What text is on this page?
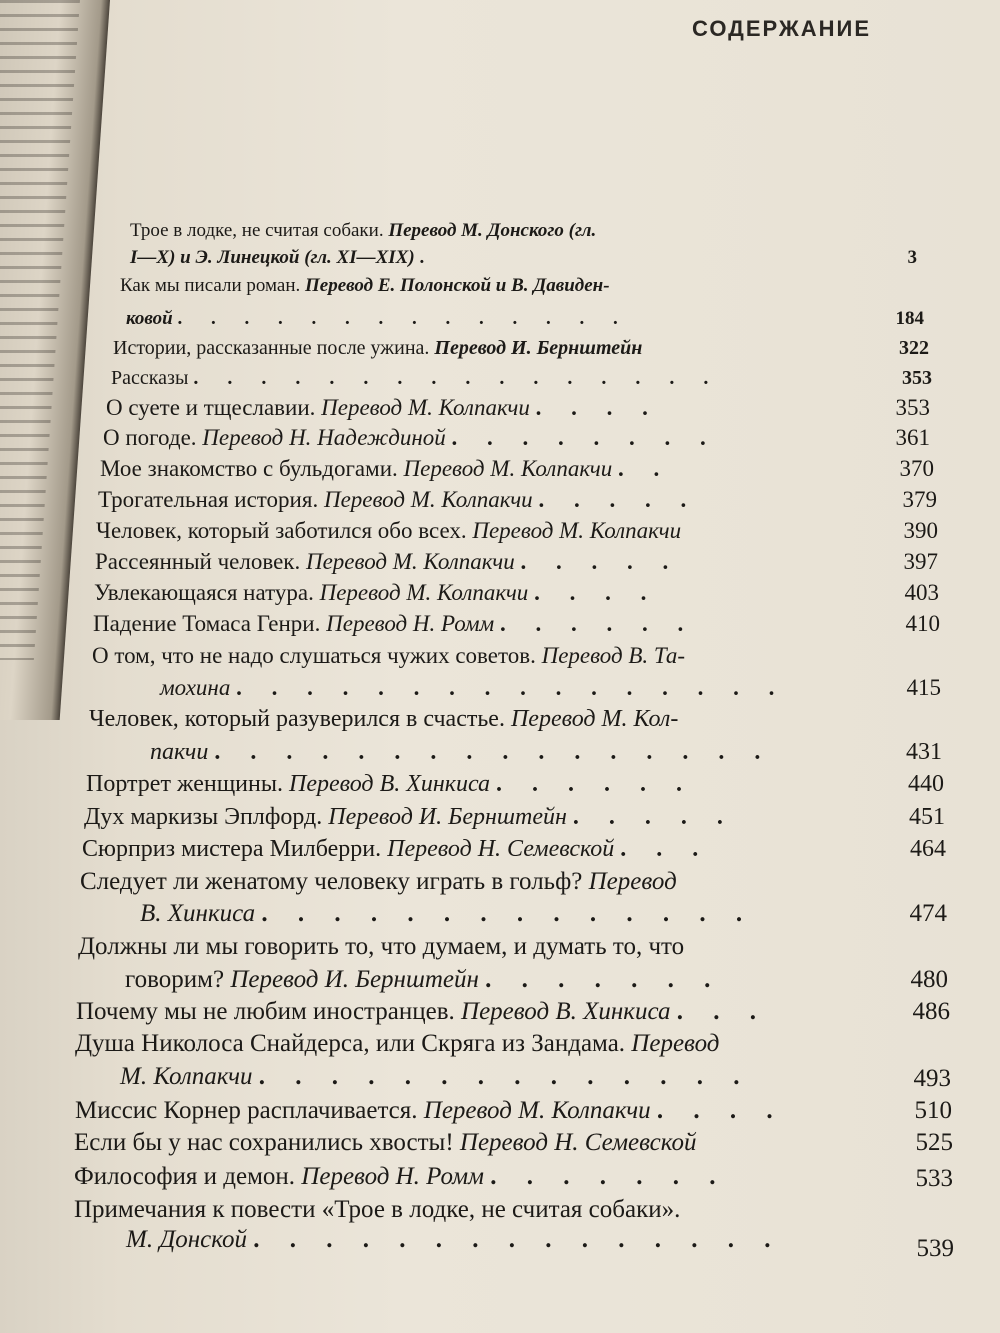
СОДЕРЖАНИЕ
Трое в лодке, не считая собаки. Перевод М. Донского (гл.
I—X) и Э. Линецкой (гл. XI—XIX) .	3
Как мы писали роман. Перевод Е. Полонской и В. Давиден-
ковой . . . . . . . . . . . . . .	184
Истории, рассказанные после ужина. Перевод И. Бернштейн	322
Рассказы . . . . . . . . . . . . . . . .	353
О суете и тщеславии. Перевод М. Колпакчи . . . .	353
О погоде. Перевод Н. Надеждиной . . . . . . . .	361
Мое знакомство с бульдогами. Перевод М. Колпакчи . .	370
Трогательная история. Перевод М. Колпакчи . . . . .	379
Человек, который заботился обо всех. Перевод М. Колпакчи	390
Рассеянный человек. Перевод М. Колпакчи . . . . .	397
Увлекающаяся натура. Перевод М. Колпакчи . . . .	403
Падение Томаса Генри. Перевод Н. Ромм . . . . . .	410
О том, что не надо слушаться чужих советов. Перевод В. Та-
мохина . . . . . . . . . . . . . . . .	415
Человек, который разуверился в счастье. Перевод М. Кол-
пакчи . . . . . . . . . . . . . . . .	431
Портрет женщины. Перевод В. Хинкиса . . . . . .	440
Дух маркизы Эплфорд. Перевод И. Бернштейн . . . . .	451
Сюрприз мистера Милберри. Перевод Н. Семевской . . .	464
Следует ли женатому человеку играть в гольф? Перевод
В. Хинкиса . . . . . . . . . . . . . .	474
Должны ли мы говорить то, что думаем, и думать то, что
говорим? Перевод И. Бернштейн . . . . . . .	480
Почему мы не любим иностранцев. Перевод В. Хинкиса . . .	486
Душа Николоса Снайдерса, или Скряга из Зандама. Перевод
М. Колпакчи . . . . . . . . . . . . . .	493
Миссис Корнер расплачивается. Перевод М. Колпакчи . . . .	510
Если бы у нас сохранились хвосты! Перевод Н. Семевской	525
Философия и демон. Перевод Н. Ромм . . . . . . .	533
Примечания к повести «Трое в лодке, не считая собаки».
М. Донской . . . . . . . . . . . . . . .	539
